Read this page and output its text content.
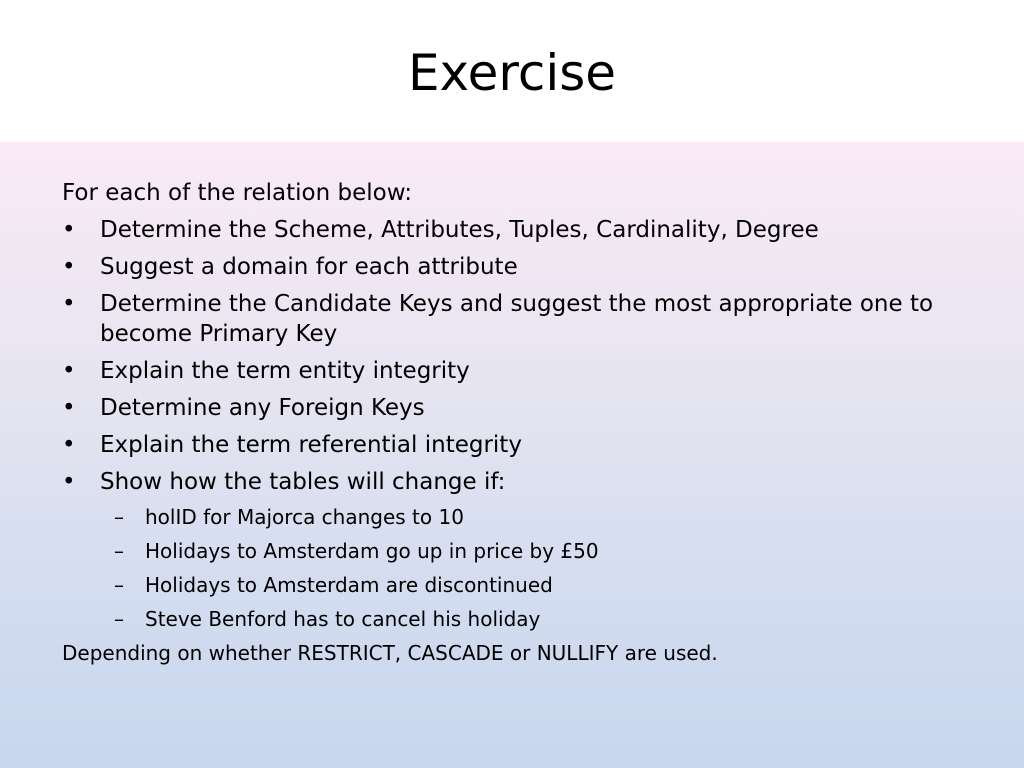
Exercise
For each of the relation below:
• Determine the Scheme, Attributes, Tuples, Cardinality, Degree
• Suggest a domain for each attribute
• Determine the Candidate Keys and suggest the most appropriate one to become Primary Key
• Explain the term entity integrity
• Determine any Foreign Keys
• Explain the term referential integrity
• Show how the tables will change if:
– holID for Majorca changes to 10
– Holidays to Amsterdam go up in price by £50
– Holidays to Amsterdam are discontinued
– Steve Benford has to cancel his holiday
Depending on whether RESTRICT, CASCADE or NULLIFY are used.
